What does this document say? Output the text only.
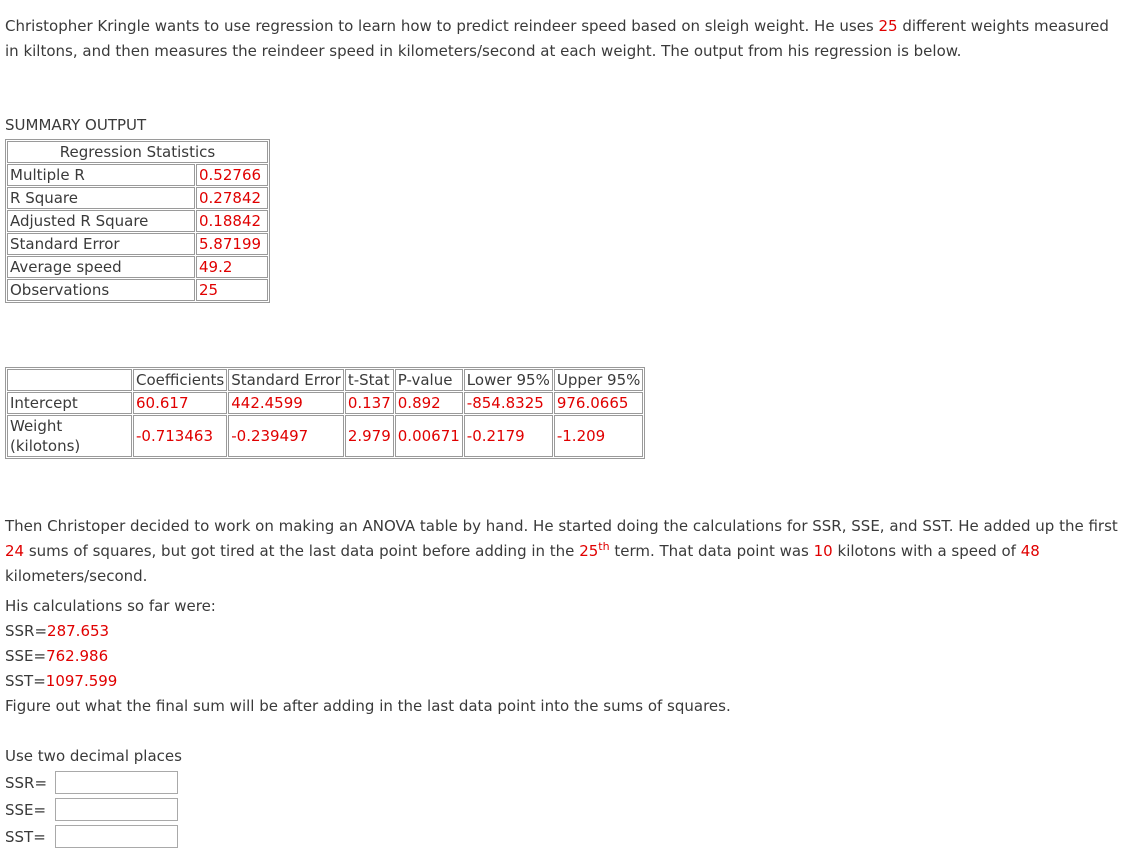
Christopher Kringle wants to use regression to learn how to predict reindeer speed based on sleigh weight. He uses 25 different weights measured in kiltons, and then measures the reindeer speed in kilometers/second at each weight. The output from his regression is below.

SUMMARY OUTPUT
Regression Statistics	
Multiple R	0.52766
R Square	0.27842
Adjusted R Square	0.18842
Standard Error	5.87199
Average speed	49.2
Observations	25
	Coefficients	Standard Error	t-Stat	P-value	Lower 95%	Upper 95%
Intercept	60.617	442.4599	0.137	0.892	-854.8325	976.0665
Weight (kilotons)	-0.713463	-0.239497	2.979	0.00671	-0.2179	-1.209

Then Christoper decided to work on making an ANOVA table by hand. He started doing the calculations for SSR, SSE, and SST. He added up the first 24 sums of squares, but got tired at the last data point before adding in the 25th term. That data point was 10 kilotons with a speed of 48 kilometers/second.

His calculations so far were:
SSR=287.653
SSE=762.986
SST=1097.599
Figure out what the final sum will be after adding in the last data point into the sums of squares.
Use two decimal places
SSR=
SSE=
SST=
